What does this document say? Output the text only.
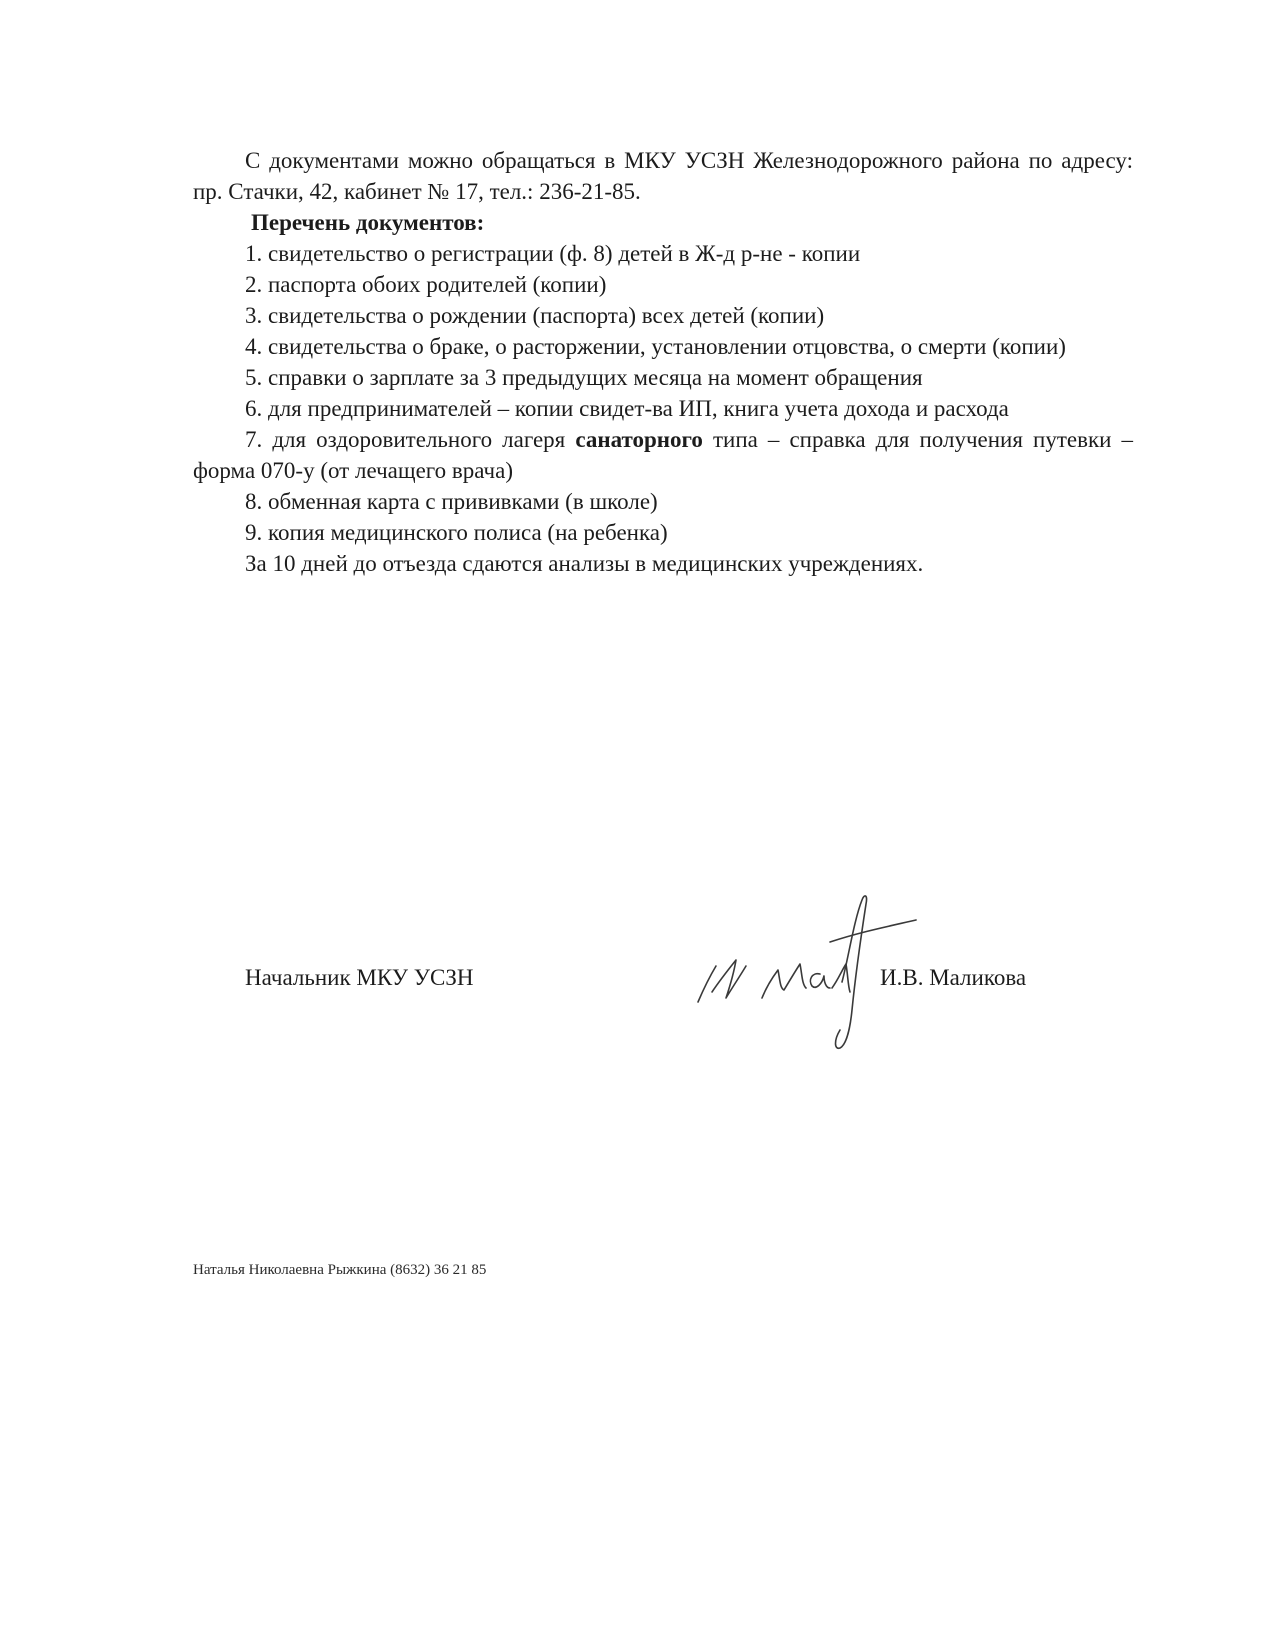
С документами можно обращаться в МКУ УСЗН Железнодорожного района по адресу: пр. Стачки, 42, кабинет № 17, тел.: 236-21-85.

Перечень документов:

1. свидетельство о регистрации (ф. 8) детей в Ж-д р-не - копии

2. паспорта обоих родителей (копии)

3. свидетельства о рождении (паспорта) всех детей (копии)

4. свидетельства о браке, о расторжении, установлении отцовства, о смерти (копии)

5. справки о зарплате за 3 предыдущих месяца на момент обращения

6. для предпринимателей – копии свидет-ва ИП, книга учета дохода и расхода

7. для оздоровительного лагеря санаторного типа – справка для получения путевки – форма 070-у (от лечащего врача)

8. обменная карта с прививками (в школе)

9. копия медицинского полиса (на ребенка)

За 10 дней до отъезда сдаются анализы в медицинских учреждениях.

Начальник МКУ УСЗН	И.В. Маликова
Наталья Николаевна Рыжкина (8632) 36 21 85
